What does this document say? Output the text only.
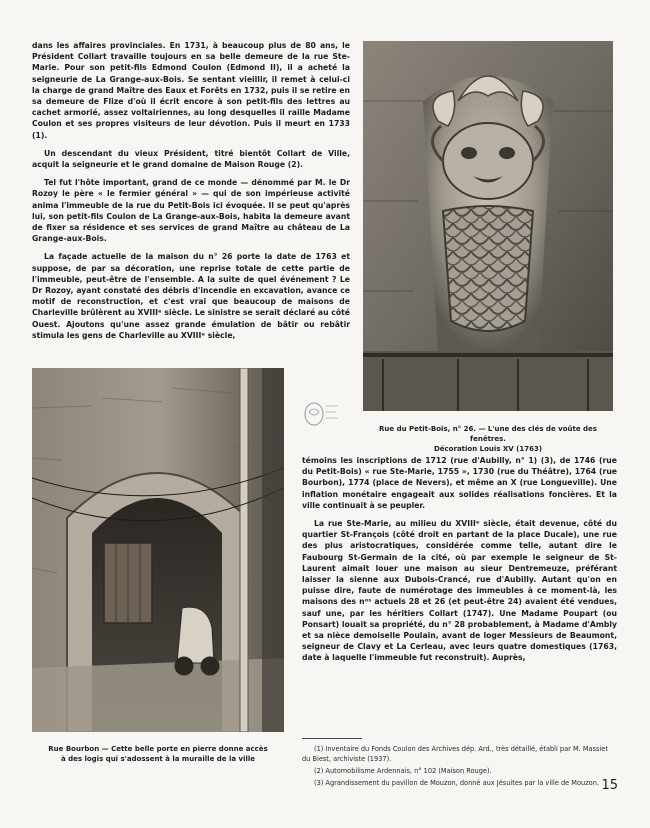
dans les affaires provinciales. En 1731, à beaucoup plus de 80 ans, le Président Collart travaille toujours en sa belle demeure de la rue Ste-Marie. Pour son petit-fils Edmond Coulon (Edmond II), il a acheté la seigneurie de La Grange-aux-Bois. Se sentant vieillir, il remet à celui-ci la charge de grand Maître des Eaux et Forêts en 1732, puis il se retire en sa demeure de Flize d'où il écrit encore à son petit-fils des lettres au cachet armorié, assez voltairiennes, au long desquelles il raille Madame Coulon et ses propres visiteurs de leur dévotion. Puis il meurt en 1733 (1).

Un descendant du vieux Président, titré bientôt Collart de Ville, acquit la seigneurie et le grand domaine de Maison Rouge (2).

Tel fut l'hôte important, grand de ce monde — dénommé par M. le Dr Rozoy le père « le fermier général » — qui de son impérieuse activité anima l'immeuble de la rue du Petit-Bois ici évoquée. Il se peut qu'après lui, son petit-fils Coulon de La Grange-aux-Bois, habita la demeure avant de fixer sa résidence et ses services de grand Maître au château de La Grange-aux-Bois.

La façade actuelle de la maison du n° 26 porte la date de 1763 et suppose, de par sa décoration, une reprise totale de cette partie de l'immeuble, peut-être de l'ensemble. A la suite de quel événement ? Le Dr Rozoy, ayant constaté des débris d'incendie en excavation, avance ce motif de reconstruction, et c'est vrai que beaucoup de maisons de Charleville brûlèrent au XVIIIᵉ siècle. Le sinistre se serait déclaré au côté Ouest. Ajoutons qu'une assez grande émulation de bâtir ou rebâtir stimula les gens de Charleville au XVIIIᵉ siècle,

Rue du Petit-Bois, n° 26. — L'une des clés de voûte des fenêtres.
Décoration Louis XV (1763)
Rue Bourbon — Cette belle porte en pierre donne accès
à des logis qui s'adossent à la muraille de la ville

témoins les inscriptions de 1712 (rue d'Aubilly, n° 1) (3), de 1746 (rue du Petit-Bois) « rue Ste-Marie, 1755 », 1730 (rue du Théâtre), 1764 (rue Bourbon), 1774 (place de Nevers), et même an X (rue Longueville). Une inflation monétaire engageait aux solides réalisations foncières. Et la ville continuait à se peupler.

La rue Ste-Marie, au milieu du XVIIIᵉ siècle, était devenue, côté du quartier St-François (côté droit en partant de la place Ducale), une rue des plus aristocratiques, considérée comme telle, autant dire le Faubourg St-Germain de la cité, où par exemple le seigneur de St-Laurent aimait louer une maison au sieur Dentremeuze, préférant laisser la sienne aux Dubois-Crancé, rue d'Aubilly. Autant qu'on en puisse dire, faute de numérotage des immeubles à ce moment-là, les maisons des nᵒˢ actuels 28 et 26 (et peut-être 24) avaient été vendues, sauf une, par les héritiers Collart (1747). Une Madame Poupart (ou Ponsart) louait sa propriété, du n° 28 probablement, à Madame d'Ambly et sa nièce demoiselle Poulain, avant de loger Messieurs de Beaumont, seigneur de Clavy et La Cerleau, avec leurs quatre domestiques (1763, date à laquelle l'immeuble fut reconstruit). Auprès,

(1) Inventaire du Fonds Coulon des Archives dép. Ard., très détaillé, établi par M. Massiet du Biest, archiviste (1937).

(2) Automobilisme Ardennais, n° 102 (Maison Rouge).

(3) Agrandissement du pavillon de Mouzon, donné aux Jésuites par la ville de Mouzon. 15
